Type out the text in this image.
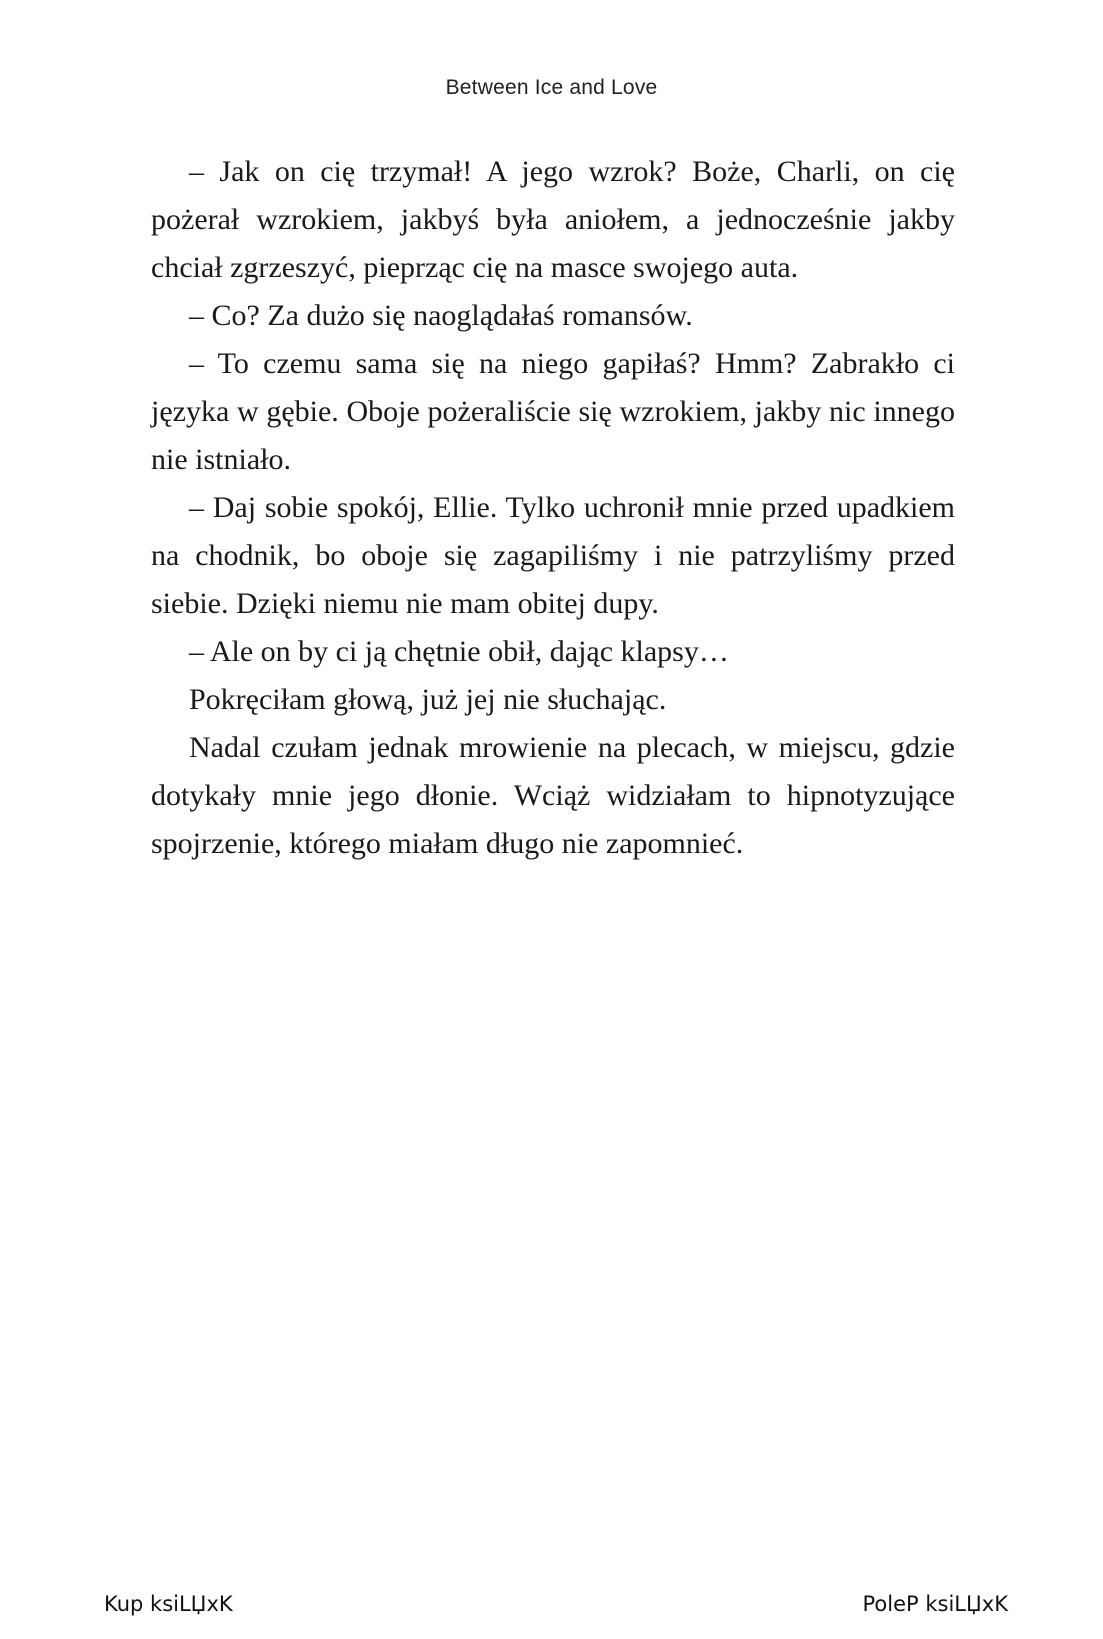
Between Ice and Love

– Jak on cię trzymał! A jego wzrok? Boże, Charli, on cię pożerał wzrokiem, jakbyś była aniołem, a jednocześnie jakby chciał zgrzeszyć, pieprząc cię na masce swojego auta.

– Co? Za dużo się naoglądałaś romansów.

– To czemu sama się na niego gapiłaś? Hmm? Zabrakło ci języka w gębie. Oboje pożeraliście się wzrokiem, jakby nic innego nie istniało.

– Daj sobie spokój, Ellie. Tylko uchronił mnie przed upadkiem na chodnik, bo oboje się zagapiliśmy i nie patrzyliśmy przed siebie. Dzięki niemu nie mam obitej dupy.

– Ale on by ci ją chętnie obił, dając klapsy…

Pokręciłam głową, już jej nie słuchając.

Nadal czułam jednak mrowienie na plecach, w miejscu, gdzie dotykały mnie jego dłonie. Wciąż widziałam to hipnotyzujące spojrzenie, którego miałam długo nie zapomnieć.

Kup ksiLЏxK	PoleP ksiLЏxK
